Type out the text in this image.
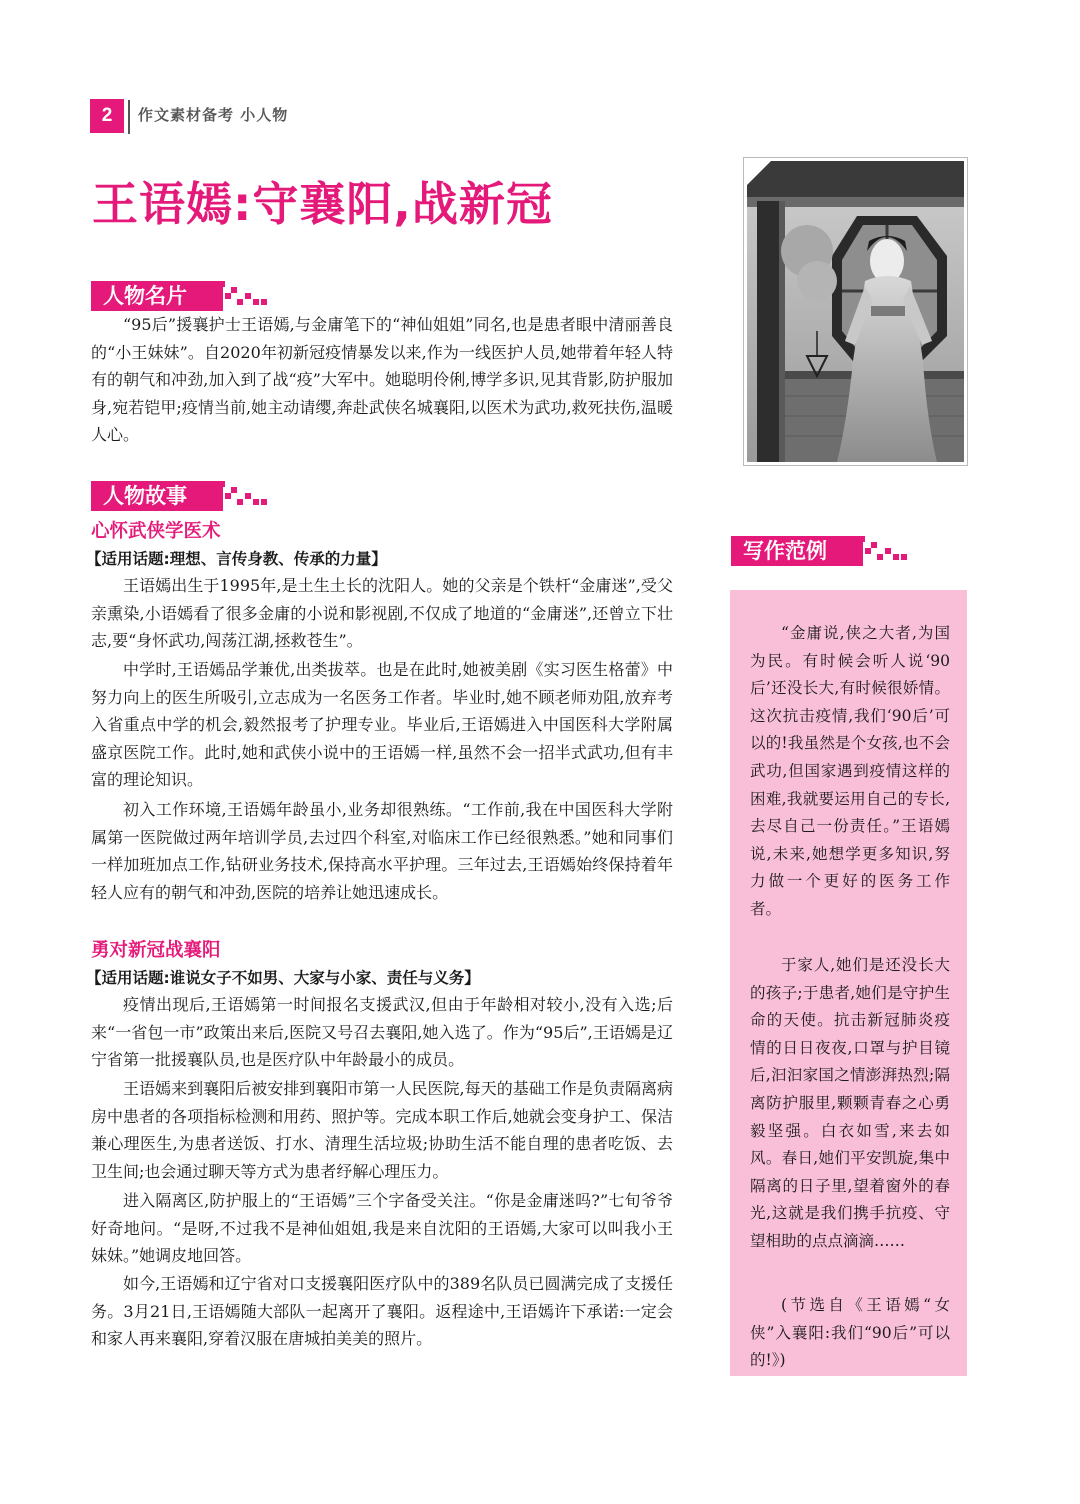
2	作文素材备考 小人物
王语嫣:守襄阳,战新冠
人物名片

“95后”援襄护士王语嫣,与金庸笔下的“神仙姐姐”同名,也是患者眼中清丽善良的“小王妹妹”。自2020年初新冠疫情暴发以来,作为一线医护人员,她带着年轻人特有的朝气和冲劲,加入到了战“疫”大军中。她聪明伶俐,博学多识,见其背影,防护服加身,宛若铠甲;疫情当前,她主动请缨,奔赴武侠名城襄阳,以医术为武功,救死扶伤,温暖人心。

人物故事
心怀武侠学医术
【适用话题:理想、言传身教、传承的力量】

王语嫣出生于1995年,是土生土长的沈阳人。她的父亲是个铁杆“金庸迷”,受父亲熏染,小语嫣看了很多金庸的小说和影视剧,不仅成了地道的“金庸迷”,还曾立下壮志,要“身怀武功,闯荡江湖,拯救苍生”。

中学时,王语嫣品学兼优,出类拔萃。也是在此时,她被美剧《实习医生格蕾》中努力向上的医生所吸引,立志成为一名医务工作者。毕业时,她不顾老师劝阻,放弃考入省重点中学的机会,毅然报考了护理专业。毕业后,王语嫣进入中国医科大学附属盛京医院工作。此时,她和武侠小说中的王语嫣一样,虽然不会一招半式武功,但有丰富的理论知识。

初入工作环境,王语嫣年龄虽小,业务却很熟练。“工作前,我在中国医科大学附属第一医院做过两年培训学员,去过四个科室,对临床工作已经很熟悉。”她和同事们一样加班加点工作,钻研业务技术,保持高水平护理。三年过去,王语嫣始终保持着年轻人应有的朝气和冲劲,医院的培养让她迅速成长。

勇对新冠战襄阳
【适用话题:谁说女子不如男、大家与小家、责任与义务】

疫情出现后,王语嫣第一时间报名支援武汉,但由于年龄相对较小,没有入选;后来“一省包一市”政策出来后,医院又号召去襄阳,她入选了。作为“95后”,王语嫣是辽宁省第一批援襄队员,也是医疗队中年龄最小的成员。

王语嫣来到襄阳后被安排到襄阳市第一人民医院,每天的基础工作是负责隔离病房中患者的各项指标检测和用药、照护等。完成本职工作后,她就会变身护工、保洁兼心理医生,为患者送饭、打水、清理生活垃圾;协助生活不能自理的患者吃饭、去卫生间;也会通过聊天等方式为患者纾解心理压力。

进入隔离区,防护服上的“王语嫣”三个字备受关注。“你是金庸迷吗?”七旬爷爷好奇地问。“是呀,不过我不是神仙姐姐,我是来自沈阳的王语嫣,大家可以叫我小王妹妹。”她调皮地回答。

如今,王语嫣和辽宁省对口支援襄阳医疗队中的389名队员已圆满完成了支援任务。3月21日,王语嫣随大部队一起离开了襄阳。返程途中,王语嫣许下承诺:一定会和家人再来襄阳,穿着汉服在唐城拍美美的照片。

写作范例

“金庸说,侠之大者,为国为民。有时候会听人说‘90后’还没长大,有时候很娇情。这次抗击疫情,我们‘90后’可以的!我虽然是个女孩,也不会武功,但国家遇到疫情这样的困难,我就要运用自己的专长,去尽自己一份责任。”王语嫣说,未来,她想学更多知识,努力做一个更好的医务工作者。

于家人,她们是还没长大的孩子;于患者,她们是守护生命的天使。抗击新冠肺炎疫情的日日夜夜,口罩与护目镜后,汩汩家国之情澎湃热烈;隔离防护服里,颗颗青春之心勇毅坚强。白衣如雪,来去如风。春日,她们平安凯旋,集中隔离的日子里,望着窗外的春光,这就是我们携手抗疫、守望相助的点点滴滴……

(节选自《王语嫣“女侠”入襄阳:我们“90后”可以的!》)
